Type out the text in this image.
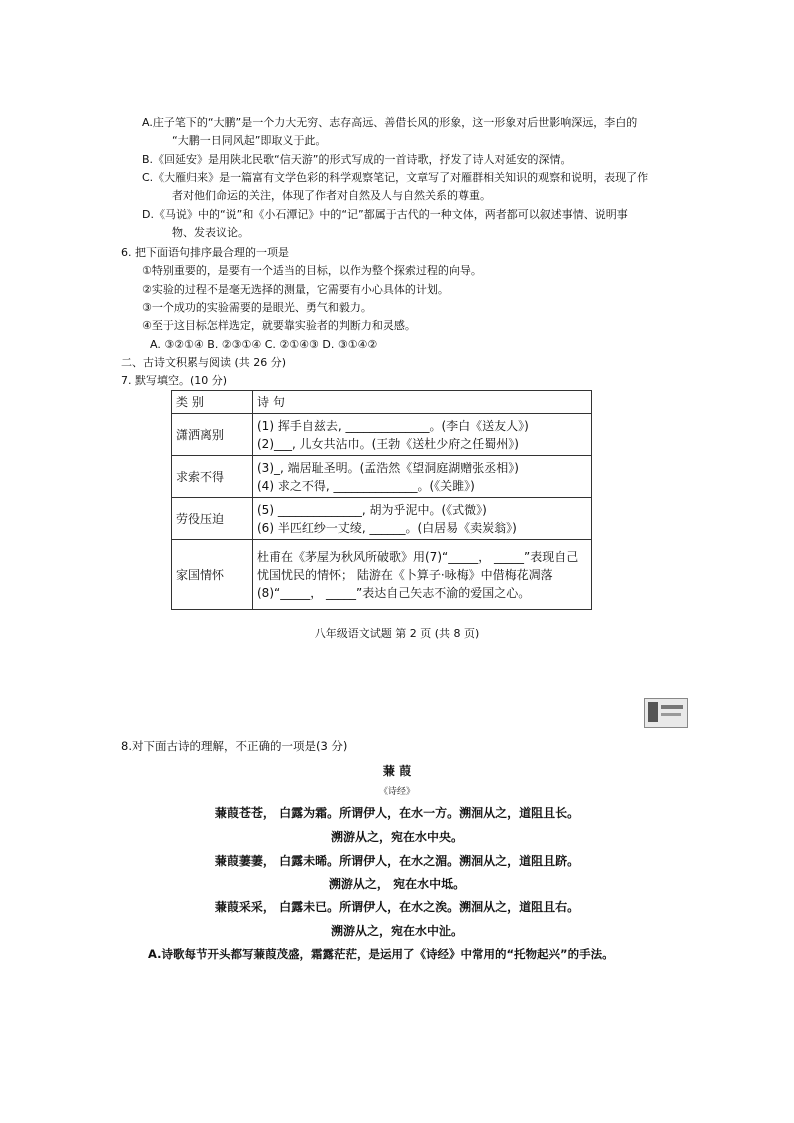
A.庄子笔下的“大鹏”是一个力大无穷、志存高远、善借长风的形象，这一形象对后世影响深远，李白的
“大鹏一日同风起”即取义于此。
B.《回延安》是用陕北民歌“信天游”的形式写成的一首诗歌，抒发了诗人对延安的深情。
C.《大雁归来》是一篇富有文学色彩的科学观察笔记，文章写了对雁群相关知识的观察和说明，表现了作
者对他们命运的关注，体现了作者对自然及人与自然关系的尊重。
D.《马说》中的“说”和《小石潭记》中的“记”都属于古代的一种文体，两者都可以叙述事情、说明事
物、发表议论。
6. 把下面语句排序最合理的一项是
①特别重要的，是要有一个适当的目标，以作为整个探索过程的向导。
②实验的过程不是毫无选择的测量，它需要有小心具体的计划。
③一个成功的实验需要的是眼光、勇气和毅力。
④至于这目标怎样选定，就要靠实验者的判断力和灵感。
A. ③②①④ B. ②③①④ C. ②①④③ D. ③①④②
二、古诗文积累与阅读 (共 26 分)
7. 默写填空。(10 分)
类 别	诗 句
潇洒离别	(1) 挥手自兹去, ______________。(李白《送友人》)
(2)___, 儿女共沾巾。(王勃《送杜少府之任蜀州》)

求索不得	(3)_, 端居耻圣明。(孟浩然《望洞庭湖赠张丞相》)
(4) 求之不得, ______________。(《关雎》)

劳役压迫	(5) ______________, 胡为乎泥中。(《式微》)
(6) 半匹红纱一丈绫, ______。(白居易《卖炭翁》)

家国情怀	杜甫在《茅屋为秋风所破歌》用(7)“_____， _____”表现自己忧国忧民的情怀； 陆游在《卜算子·咏梅》中借梅花凋落 (8)“_____， _____”表达自己矢志不渝的爱国之心。
八年级语文试题 第 2 页 (共 8 页)
8.对下面古诗的理解，不正确的一项是(3 分)
蒹 葭
《诗经》
蒹葭苍苍， 白露为霜。所谓伊人，在水一方。溯洄从之，道阻且长。
溯游从之，宛在水中央。
蒹葭萋萋， 白露未晞。所谓伊人，在水之湄。溯洄从之，道阻且跻。
溯游从之， 宛在水中坻。
蒹葭采采， 白露未已。所谓伊人，在水之涘。溯洄从之，道阻且右。
溯游从之，宛在水中沚。
A.诗歌每节开头都写蒹葭茂盛，霜露茫茫，是运用了《诗经》中常用的“托物起兴”的手法。
